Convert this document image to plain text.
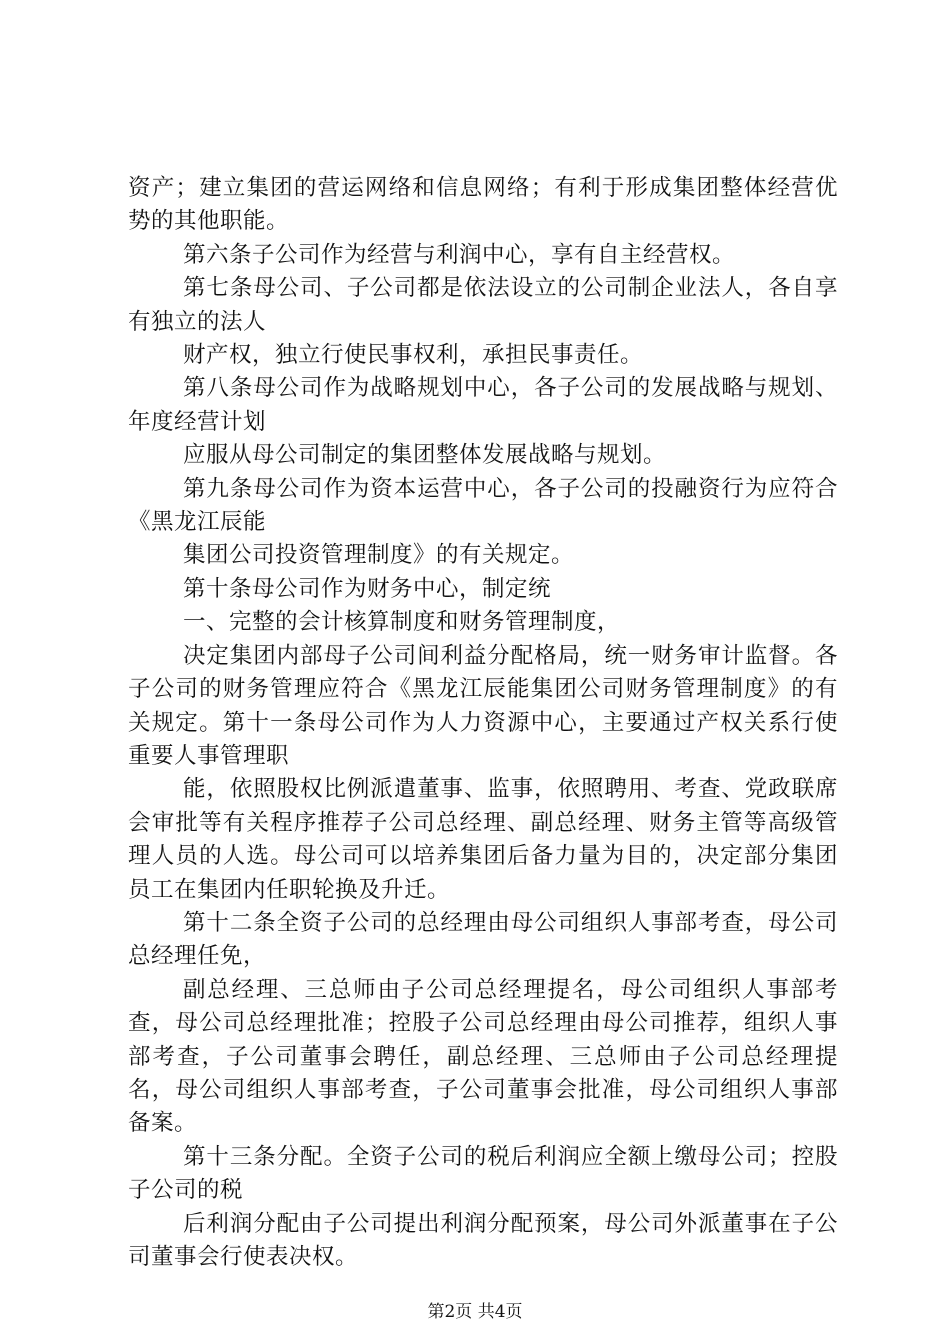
资产；建立集团的营运网络和信息网络；有利于形成集团整体经营优势的其他职能。

第六条子公司作为经营与利润中心，享有自主经营权。

第七条母公司、子公司都是依法设立的公司制企业法人，各自享有独立的法人

财产权，独立行使民事权利，承担民事责任。

第八条母公司作为战略规划中心，各子公司的发展战略与规划、年度经营计划

应服从母公司制定的集团整体发展战略与规划。

第九条母公司作为资本运营中心，各子公司的投融资行为应符合《黑龙江辰能

集团公司投资管理制度》的有关规定。

第十条母公司作为财务中心，制定统

一、完整的会计核算制度和财务管理制度，

决定集团内部母子公司间利益分配格局，统一财务审计监督。各子公司的财务管理应符合《黑龙江辰能集团公司财务管理制度》的有关规定。第十一条母公司作为人力资源中心，主要通过产权关系行使重要人事管理职

能，依照股权比例派遣董事、监事，依照聘用、考查、党政联席会审批等有关程序推荐子公司总经理、副总经理、财务主管等高级管理人员的人选。母公司可以培养集团后备力量为目的，决定部分集团员工在集团内任职轮换及升迁。

第十二条全资子公司的总经理由母公司组织人事部考查，母公司总经理任免，

副总经理、三总师由子公司总经理提名，母公司组织人事部考查，母公司总经理批准；控股子公司总经理由母公司推荐，组织人事部考查，子公司董事会聘任，副总经理、三总师由子公司总经理提名，母公司组织人事部考查，子公司董事会批准，母公司组织人事部备案。

第十三条分配。全资子公司的税后利润应全额上缴母公司；控股子公司的税

后利润分配由子公司提出利润分配预案，母公司外派董事在子公司董事会行使表决权。

第2页 共4页
